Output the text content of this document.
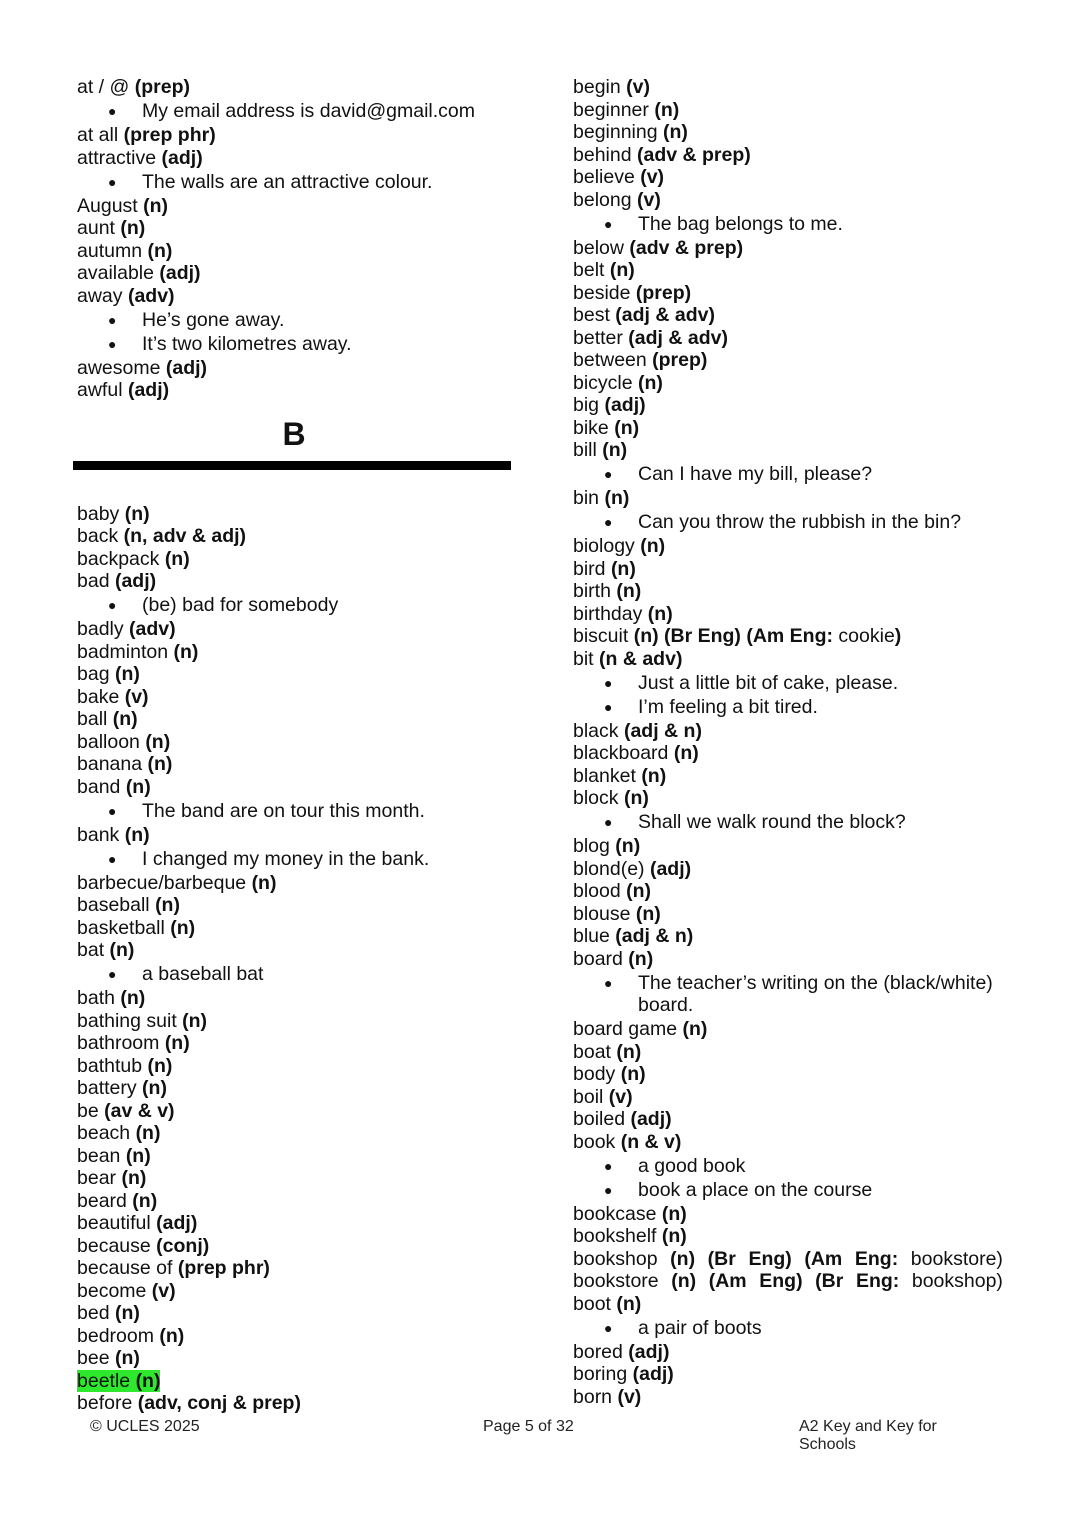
at / @ (prep)
● My email address is david@gmail.com
at all (prep phr)
attractive (adj)
● The walls are an attractive colour.
August (n)
aunt (n)
autumn (n)
available (adj)
away (adv)
● He’s gone away.
● It’s two kilometres away.
awesome (adj)
awful (adj)
B
baby (n)
back (n, adv & adj)
backpack (n)
bad (adj)
● (be) bad for somebody
badly (adv)
badminton (n)
bag (n)
bake (v)
ball (n)
balloon (n)
banana (n)
band (n)
● The band are on tour this month.
bank (n)
● I changed my money in the bank.
barbecue/barbeque (n)
baseball (n)
basketball (n)
bat (n)
● a baseball bat
bath (n)
bathing suit (n)
bathroom (n)
bathtub (n)
battery (n)
be (av & v)
beach (n)
bean (n)
bear (n)
beard (n)
beautiful (adj)
because (conj)
because of (prep phr)
become (v)
bed (n)
bedroom (n)
bee (n)
beetle (n)
before (adv, conj & prep)
begin (v)
beginner (n)
beginning (n)
behind (adv & prep)
believe (v)
belong (v)
● The bag belongs to me.
below (adv & prep)
belt (n)
beside (prep)
best (adj & adv)
better (adj & adv)
between (prep)
bicycle (n)
big (adj)
bike (n)
bill (n)
● Can I have my bill, please?
bin (n)
● Can you throw the rubbish in the bin?
biology (n)
bird (n)
birth (n)
birthday (n)
biscuit (n) (Br Eng) (Am Eng: cookie)
bit (n & adv)
● Just a little bit of cake, please.
● I’m feeling a bit tired.
black (adj & n)
blackboard (n)
blanket (n)
block (n)
● Shall we walk round the block?
blog (n)
blond(e) (adj)
blood (n)
blouse (n)
blue (adj & n)
board (n)
● The teacher’s writing on the (black/white) board.
board game (n)
boat (n)
body (n)
boil (v)
boiled (adj)
book (n & v)
● a good book
● book a place on the course
bookcase (n)
bookshelf (n)
bookshop (n) (Br Eng) (Am Eng: bookstore)
bookstore (n) (Am Eng) (Br Eng: bookshop)
boot (n)
● a pair of boots
bored (adj)
boring (adj)
born (v)
© UCLES 2025	Page 5 of 32	A2 Key and Key for Schools
